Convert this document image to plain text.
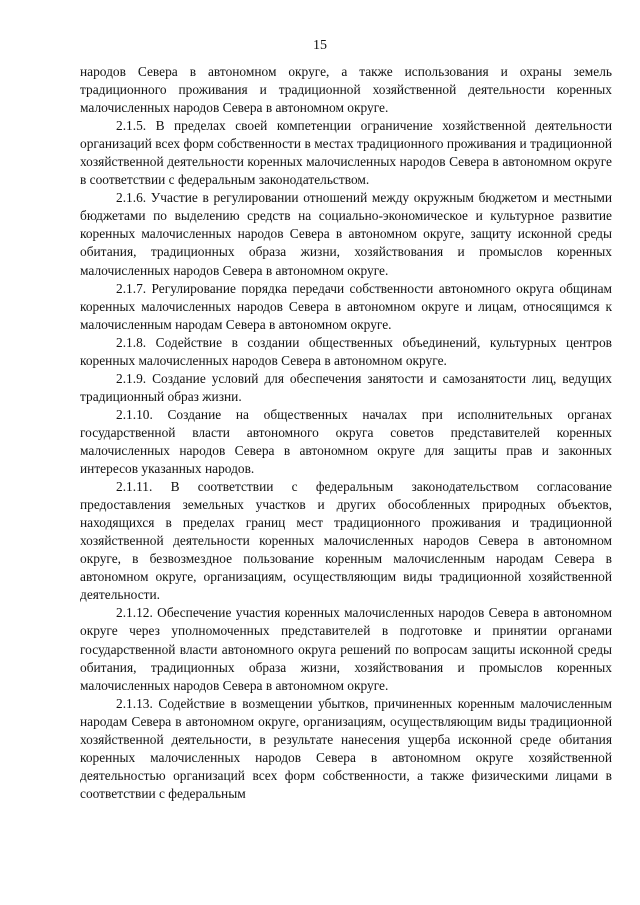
15

народов Севера в автономном округе, а также использования и охраны земель традиционного проживания и традиционной хозяйственной деятельности коренных малочисленных народов Севера в автономном округе.

2.1.5. В пределах своей компетенции ограничение хозяйственной деятельности организаций всех форм собственности в местах традиционного проживания и традиционной хозяйственной деятельности коренных малочисленных народов Севера в автономном округе в соответствии с федеральным законодательством.

2.1.6. Участие в регулировании отношений между окружным бюджетом и местными бюджетами по выделению средств на социально-экономическое и культурное развитие коренных малочисленных народов Севера в автономном округе, защиту исконной среды обитания, традиционных образа жизни, хозяйствования и промыслов коренных малочисленных народов Севера в автономном округе.

2.1.7. Регулирование порядка передачи собственности автономного округа общинам коренных малочисленных народов Севера в автономном округе и лицам, относящимся к малочисленным народам Севера в автономном округе.

2.1.8. Содействие в создании общественных объединений, культурных центров коренных малочисленных народов Севера в автономном округе.

2.1.9. Создание условий для обеспечения занятости и самозанятости лиц, ведущих традиционный образ жизни.

2.1.10. Создание на общественных началах при исполнительных органах государственной власти автономного округа советов представителей коренных малочисленных народов Севера в автономном округе для защиты прав и законных интересов указанных народов.

2.1.11. В соответствии с федеральным законодательством согласование предоставления земельных участков и других обособленных природных объектов, находящихся в пределах границ мест традиционного проживания и традиционной хозяйственной деятельности коренных малочисленных народов Севера в автономном округе, в безвозмездное пользование коренным малочисленным народам Севера в автономном округе, организациям, осуществляющим виды традиционной хозяйственной деятельности.

2.1.12. Обеспечение участия коренных малочисленных народов Севера в автономном округе через уполномоченных представителей в подготовке и принятии органами государственной власти автономного округа решений по вопросам защиты исконной среды обитания, традиционных образа жизни, хозяйствования и промыслов коренных малочисленных народов Севера в автономном округе.

2.1.13. Содействие в возмещении убытков, причиненных коренным малочисленным народам Севера в автономном округе, организациям, осуществляющим виды традиционной хозяйственной деятельности, в результате нанесения ущерба исконной среде обитания коренных малочисленных народов Севера в автономном округе хозяйственной деятельностью организаций всех форм собственности, а также физическими лицами в соответствии с федеральным
